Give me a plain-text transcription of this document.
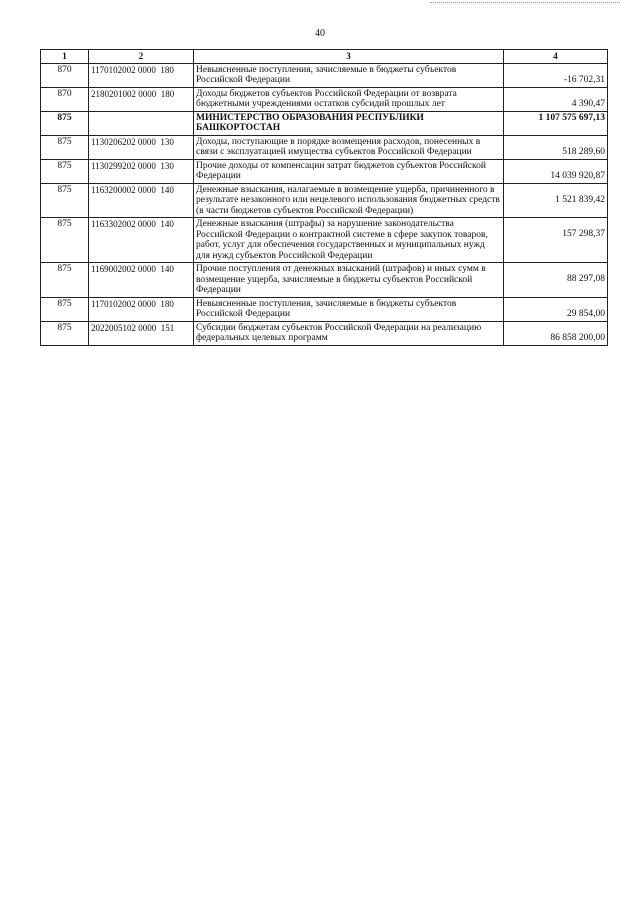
40
1	2	3	4
870	1170102002 0000  180	Невыясненные поступления, зачисляемые в бюджеты субъектов Российской Федерации	-16 702,31

870	2180201002 0000  180	Доходы бюджетов субъектов Российской Федерации от возврата бюджетными учреждениями остатков субсидий прошлых лет	4 390,47

875		МИНИСТЕРСТВО ОБРАЗОВАНИЯ РЕСПУБЛИКИ БАШКОРТОСТАН	1 107 575 697,13

875	1130206202 0000  130	Доходы, поступающие в порядке возмещения расходов, понесенных в связи с эксплуатацией имущества субъектов Российской Федерации	518 289,60

875	1130299202 0000  130	Прочие доходы от компенсации затрат бюджетов субъектов Российской Федерации	14 039 920,87

875	1163200002 0000  140	Денежные взыскания, налагаемые в возмещение ущерба, причиненного в результате незаконного или нецелевого использования бюджетных средств (в части бюджетов субъектов Российской Федерации)	1 521 839,42

875	1163302002 0000  140	Денежные взыскания (штрафы) за нарушение законодательства Российской Федерации о контрактной системе в сфере закупок товаров, работ, услуг для обеспечения государственных и муниципальных нужд для нужд субъектов Российской Федерации	157 298,37

875	1169002002 0000  140	Прочие поступления от денежных взысканий (штрафов) и иных сумм в возмещение ущерба, зачисляемые в бюджеты субъектов Российской Федерации	88 297,08

875	1170102002 0000  180	Невыясненные поступления, зачисляемые в бюджеты субъектов Российской Федерации	29 854,00

875	2022005102 0000  151	Субсидии бюджетам субъектов Российской Федерации на реализацию федеральных целевых программ	86 858 200,00
